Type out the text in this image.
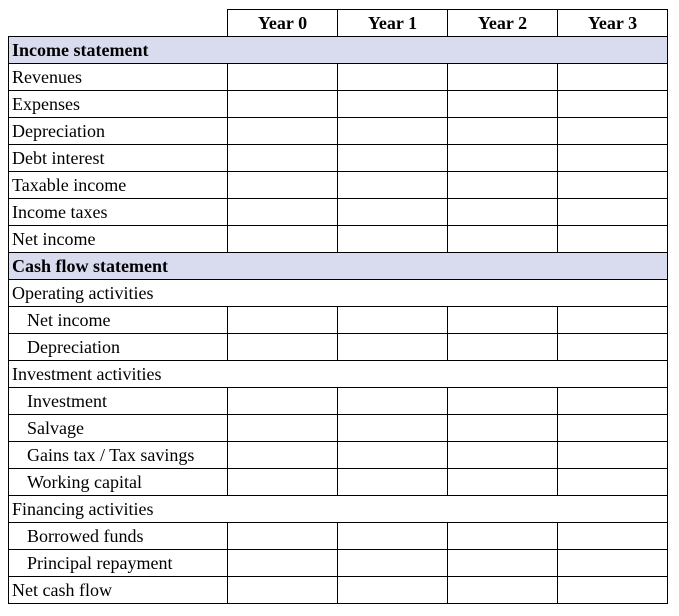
	Year 0	Year 1	Year 2	Year 3
Income statement				
Revenues				
Expenses				
Depreciation				
Debt interest				
Taxable income				
Income taxes				
Net income				
Cash flow statement				
Operating activities				
Net income				
Depreciation				
Investment activities				
Investment				
Salvage				
Gains tax / Tax savings				
Working capital				
Financing activities				
Borrowed funds				
Principal repayment				
Net cash flow				
